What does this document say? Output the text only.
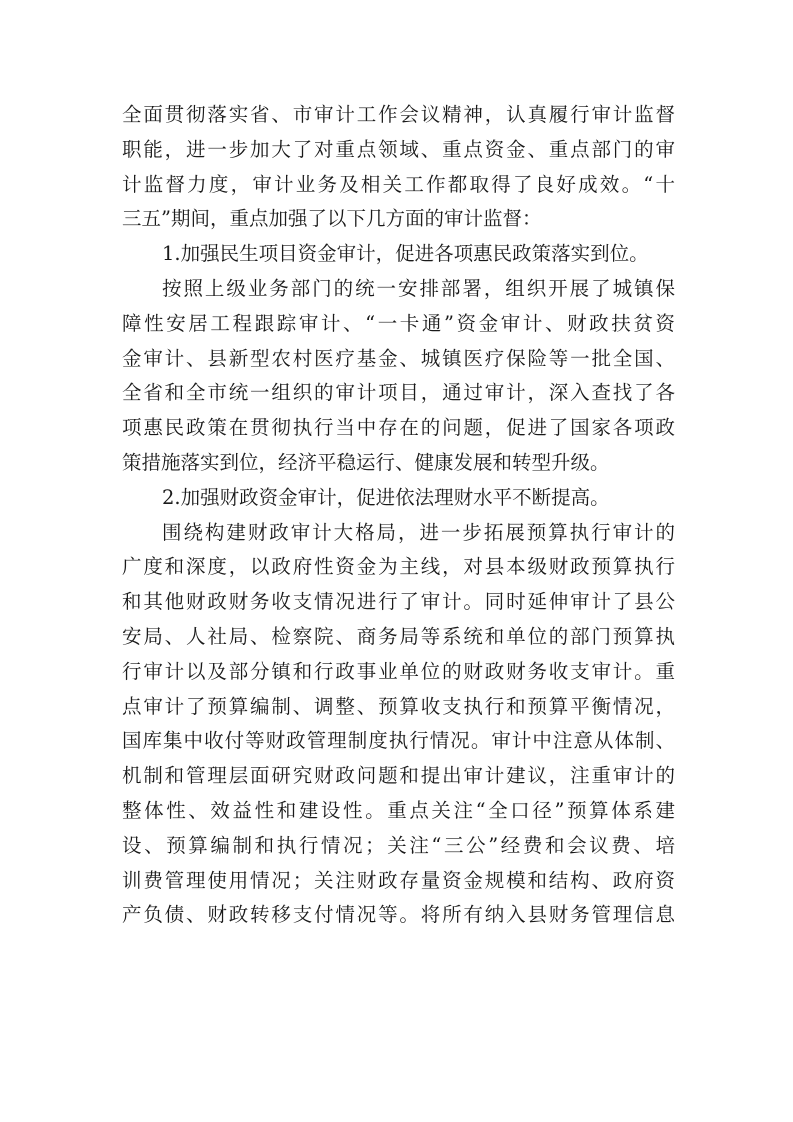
全面贯彻落实省、市审计工作会议精神，认真履行审计监督
职能，进一步加大了对重点领域、重点资金、重点部门的审
计监督力度，审计业务及相关工作都取得了良好成效。“十
三五”期间，重点加强了以下几方面的审计监督：
1.加强民生项目资金审计，促进各项惠民政策落实到位。
按照上级业务部门的统一安排部署，组织开展了城镇保
障性安居工程跟踪审计、“一卡通”资金审计、财政扶贫资
金审计、县新型农村医疗基金、城镇医疗保险等一批全国、
全省和全市统一组织的审计项目，通过审计，深入查找了各
项惠民政策在贯彻执行当中存在的问题，促进了国家各项政
策措施落实到位，经济平稳运行、健康发展和转型升级。
2.加强财政资金审计，促进依法理财水平不断提高。
围绕构建财政审计大格局，进一步拓展预算执行审计的
广度和深度，以政府性资金为主线，对县本级财政预算执行
和其他财政财务收支情况进行了审计。同时延伸审计了县公
安局、人社局、检察院、商务局等系统和单位的部门预算执
行审计以及部分镇和行政事业单位的财政财务收支审计。重
点审计了预算编制、调整、预算收支执行和预算平衡情况，
国库集中收付等财政管理制度执行情况。审计中注意从体制、
机制和管理层面研究财政问题和提出审计建议，注重审计的
整体性、效益性和建设性。重点关注“全口径”预算体系建
设、预算编制和执行情况；关注“三公”经费和会议费、培
训费管理使用情况；关注财政存量资金规模和结构、政府资
产负债、财政转移支付情况等。将所有纳入县财务管理信息
